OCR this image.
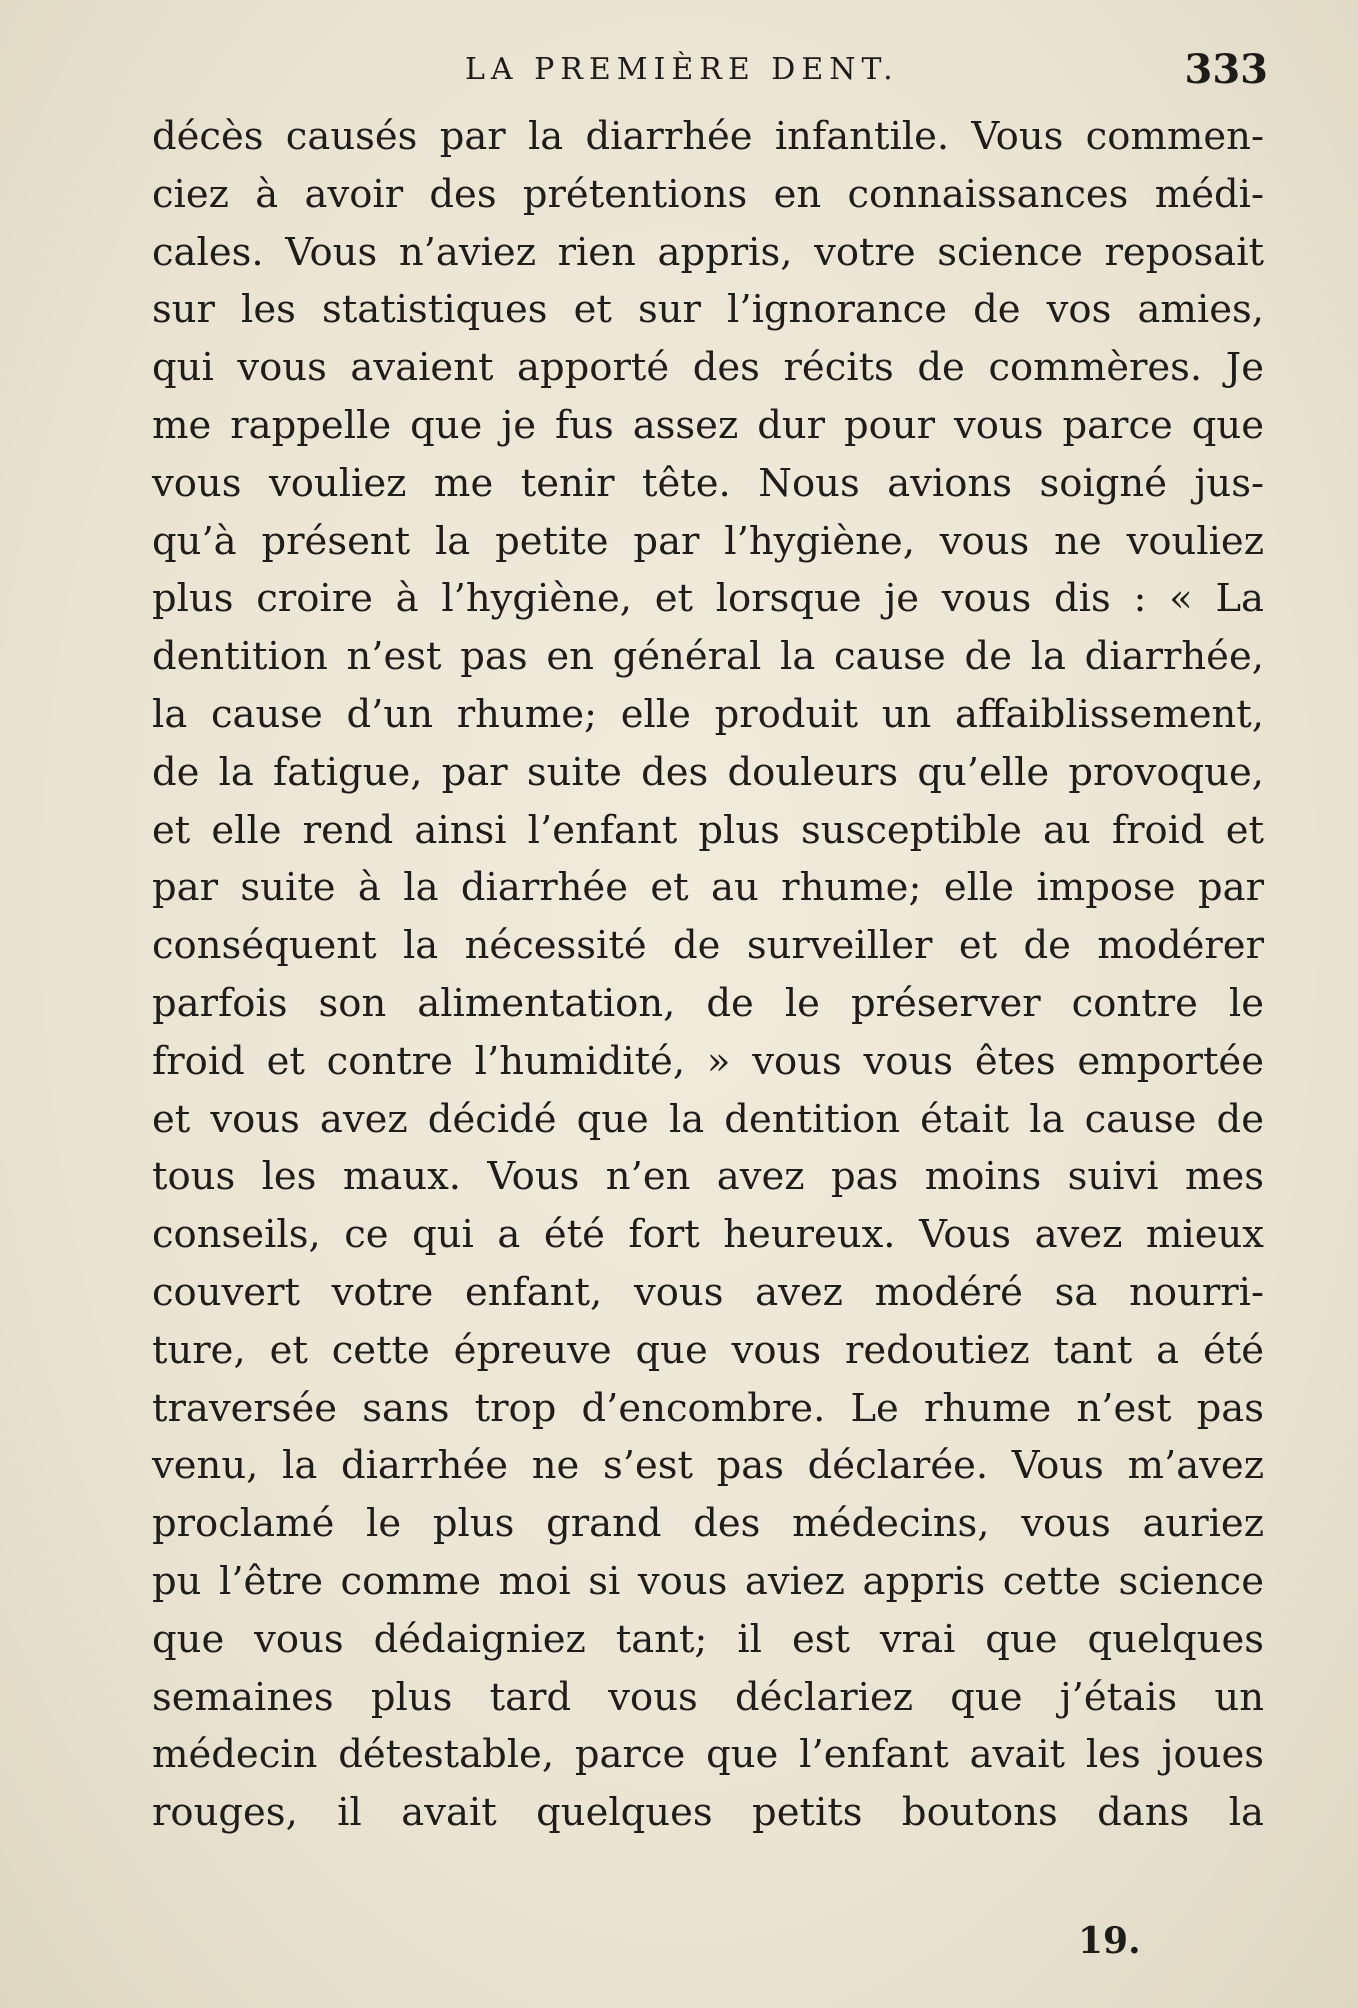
LA PREMIÈRE DENT.	333
décès causés par la diarrhée infantile. Vous commen-
ciez à avoir des prétentions en connaissances médi-
cales. Vous n’aviez rien appris, votre science reposait
sur les statistiques et sur l’ignorance de vos amies,
qui vous avaient apporté des récits de commères. Je
me rappelle que je fus assez dur pour vous parce que
vous vouliez me tenir tête. Nous avions soigné jus-
qu’à présent la petite par l’hygiène, vous ne vouliez
plus croire à l’hygiène, et lorsque je vous dis : « La
dentition n’est pas en général la cause de la diarrhée,
la cause d’un rhume; elle produit un affaiblissement,
de la fatigue, par suite des douleurs qu’elle provoque,
et elle rend ainsi l’enfant plus susceptible au froid et
par suite à la diarrhée et au rhume; elle impose par
conséquent la nécessité de surveiller et de modérer
parfois son alimentation, de le préserver contre le
froid et contre l’humidité, » vous vous êtes emportée
et vous avez décidé que la dentition était la cause de
tous les maux. Vous n’en avez pas moins suivi mes
conseils, ce qui a été fort heureux. Vous avez mieux
couvert votre enfant, vous avez modéré sa nourri-
ture, et cette épreuve que vous redoutiez tant a été
traversée sans trop d’encombre. Le rhume n’est pas
venu, la diarrhée ne s’est pas déclarée. Vous m’avez
proclamé le plus grand des médecins, vous auriez
pu l’être comme moi si vous aviez appris cette science
que vous dédaigniez tant; il est vrai que quelques
semaines plus tard vous déclariez que j’étais un
médecin détestable, parce que l’enfant avait les joues
rouges, il avait quelques petits boutons dans la
19.
